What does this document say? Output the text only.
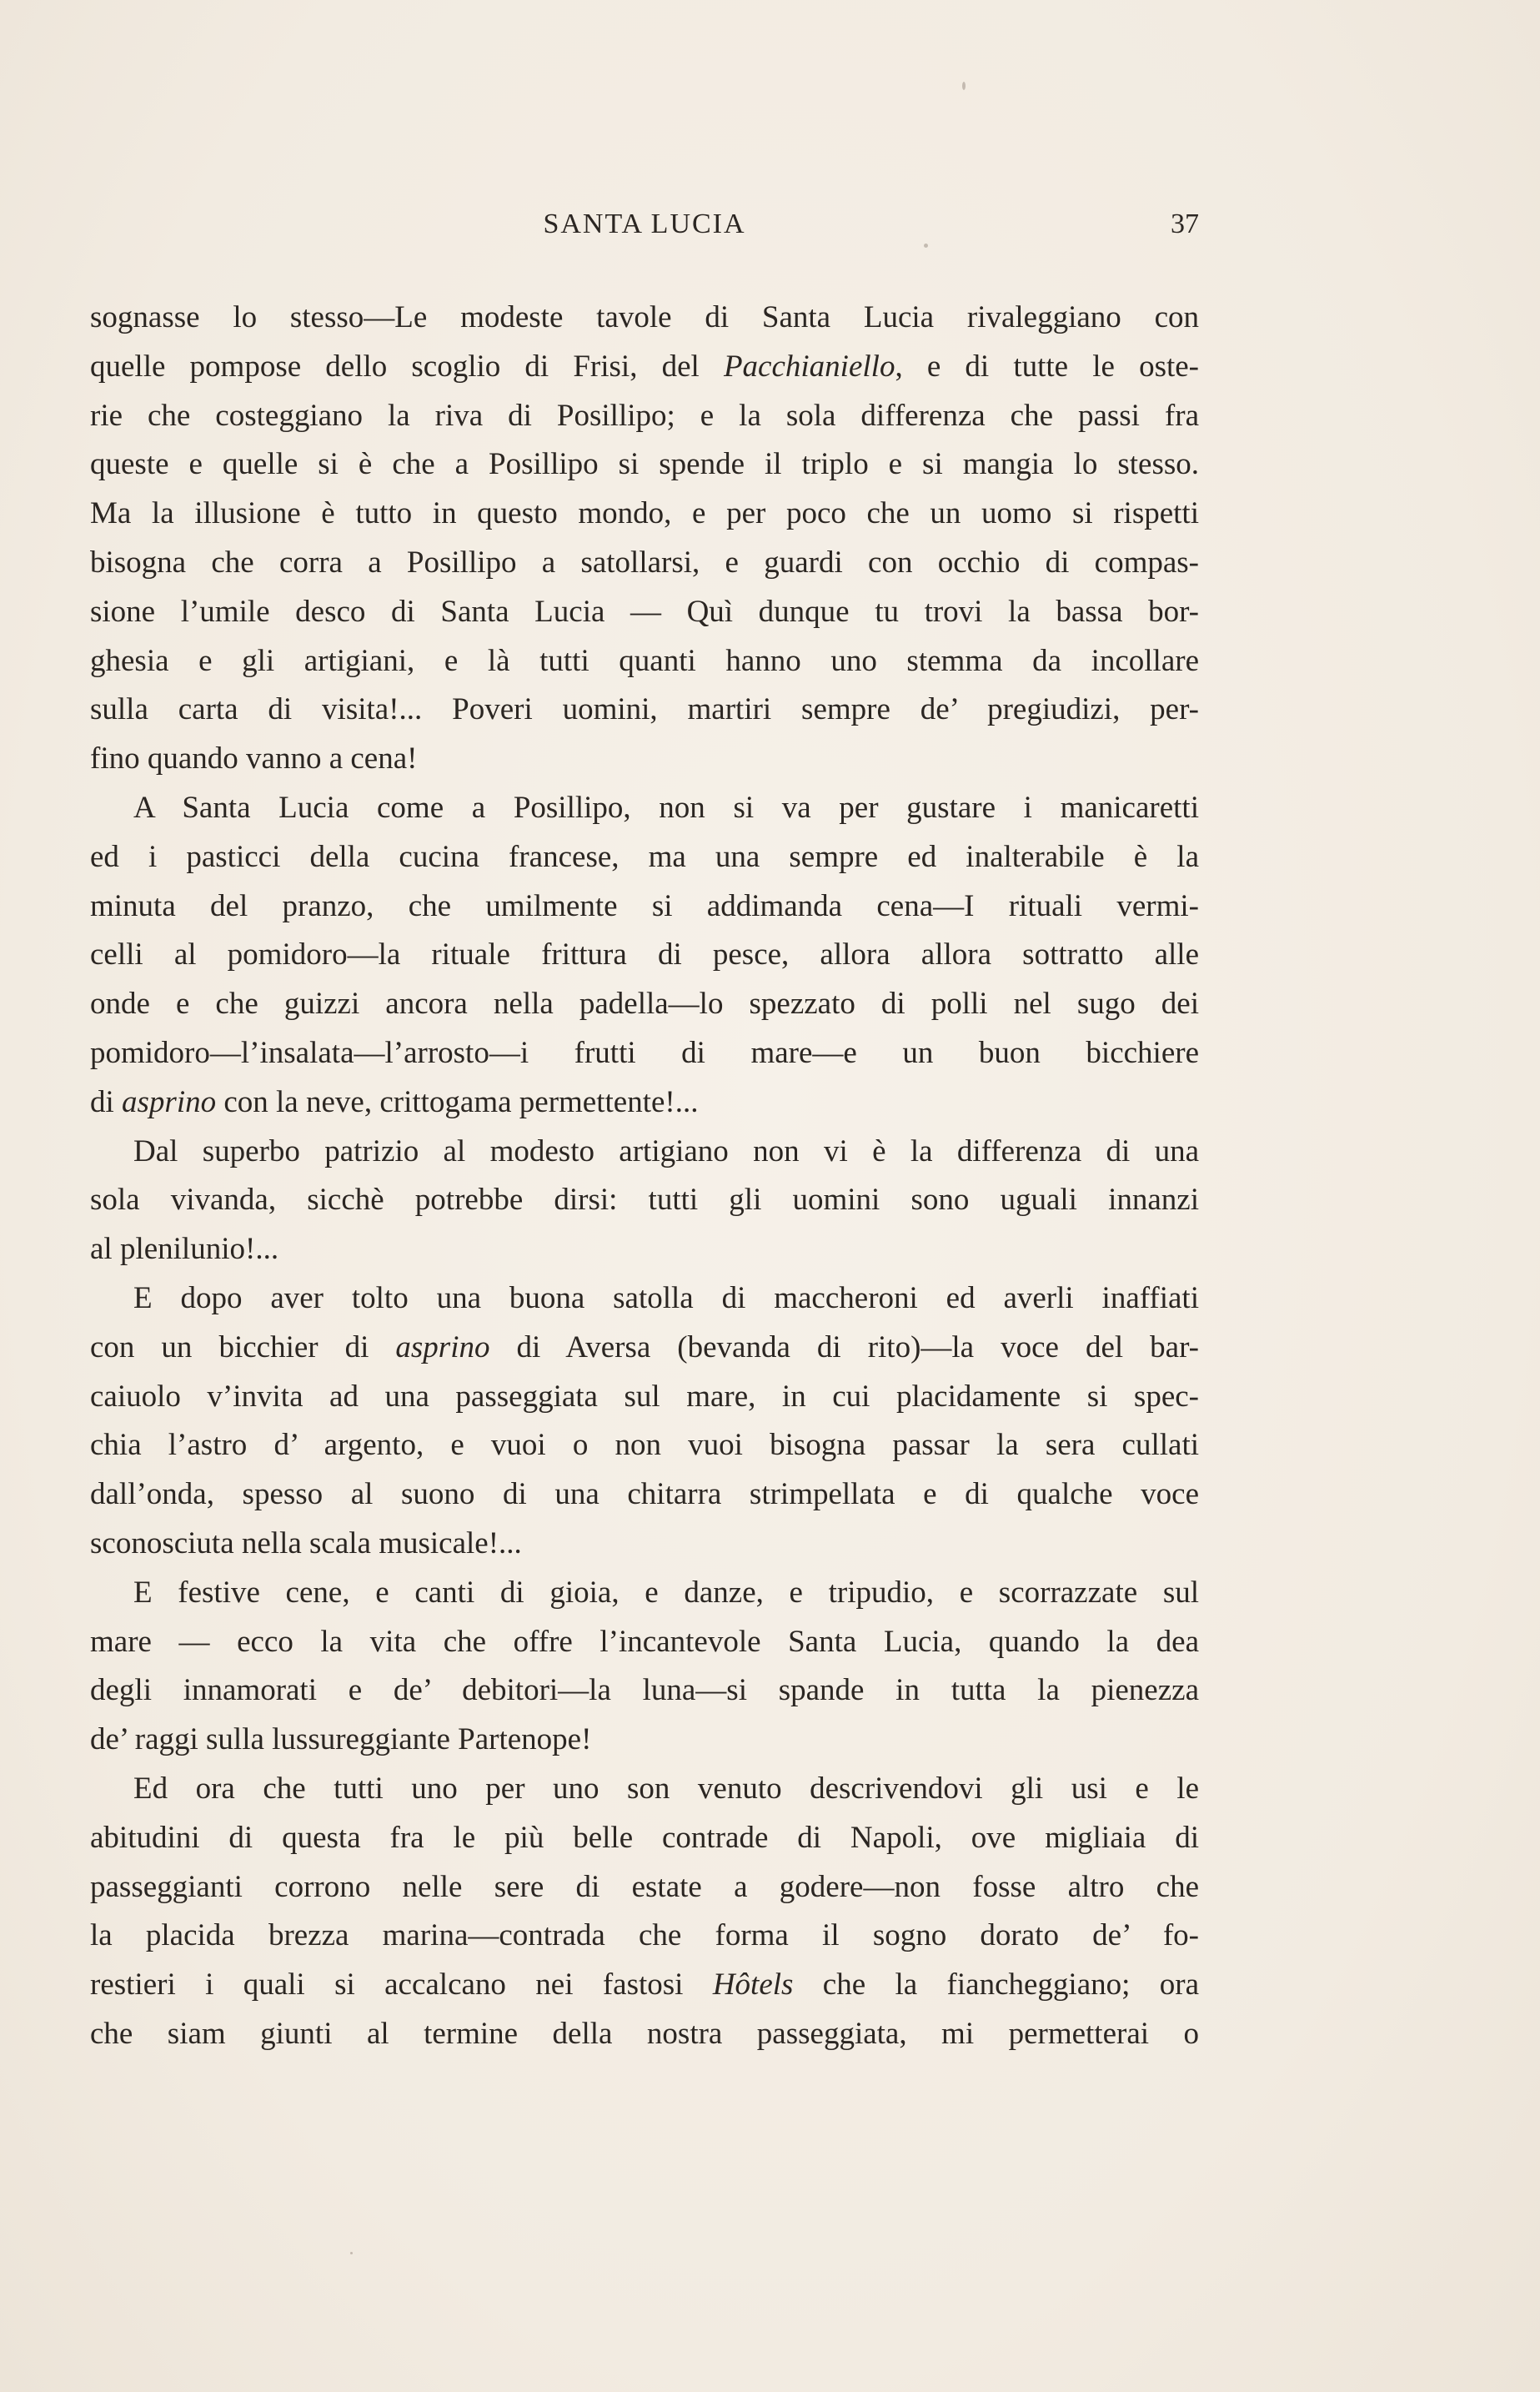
SANTA LUCIA	37
sognasse lo stesso—Le modeste tavole di Santa Lucia rivaleggiano con
quelle pompose dello scoglio di Frisi, del Pacchianiello, e di tutte le oste-
rie che costeggiano la riva di Posillipo; e la sola differenza che passi fra
queste e quelle si è che a Posillipo si spende il triplo e si mangia lo stesso.
Ma la illusione è tutto in questo mondo, e per poco che un uomo si rispetti
bisogna che corra a Posillipo a satollarsi, e guardi con occhio di compas-
sione l’umile desco di Santa Lucia — Quì dunque tu trovi la bassa bor-
ghesia e gli artigiani, e là tutti quanti hanno uno stemma da incollare
sulla carta di visita!... Poveri uomini, martiri sempre de’ pregiudizi, per-
fino quando vanno a cena!
A Santa Lucia come a Posillipo, non si va per gustare i manicaretti
ed i pasticci della cucina francese, ma una sempre ed inalterabile è la
minuta del pranzo, che umilmente si addimanda cena—I rituali vermi-
celli al pomidoro—la rituale frittura di pesce, allora allora sottratto alle
onde e che guizzi ancora nella padella—lo spezzato di polli nel sugo dei
pomidoro—l’insalata—l’arrosto—i frutti di mare—e un buon bicchiere
di asprino con la neve, crittogama permettente!...
Dal superbo patrizio al modesto artigiano non vi è la differenza di una
sola vivanda, sicchè potrebbe dirsi: tutti gli uomini sono uguali innanzi
al plenilunio!...
E dopo aver tolto una buona satolla di maccheroni ed averli inaffiati
con un bicchier di asprino di Aversa (bevanda di rito)—la voce del bar-
caiuolo v’invita ad una passeggiata sul mare, in cui placidamente si spec-
chia l’astro d’ argento, e vuoi o non vuoi bisogna passar la sera cullati
dall’onda, spesso al suono di una chitarra strimpellata e di qualche voce
sconosciuta nella scala musicale!...
E festive cene, e canti di gioia, e danze, e tripudio, e scorrazzate sul
mare — ecco la vita che offre l’incantevole Santa Lucia, quando la dea
degli innamorati e de’ debitori—la luna—si spande in tutta la pienezza
de’ raggi sulla lussureggiante Partenope!
Ed ora che tutti uno per uno son venuto descrivendovi gli usi e le
abitudini di questa fra le più belle contrade di Napoli, ove migliaia di
passeggianti corrono nelle sere di estate a godere—non fosse altro che
la placida brezza marina—contrada che forma il sogno dorato de’ fo-
restieri i quali si accalcano nei fastosi Hôtels che la fiancheggiano; ora
che siam giunti al termine della nostra passeggiata, mi permetterai o
